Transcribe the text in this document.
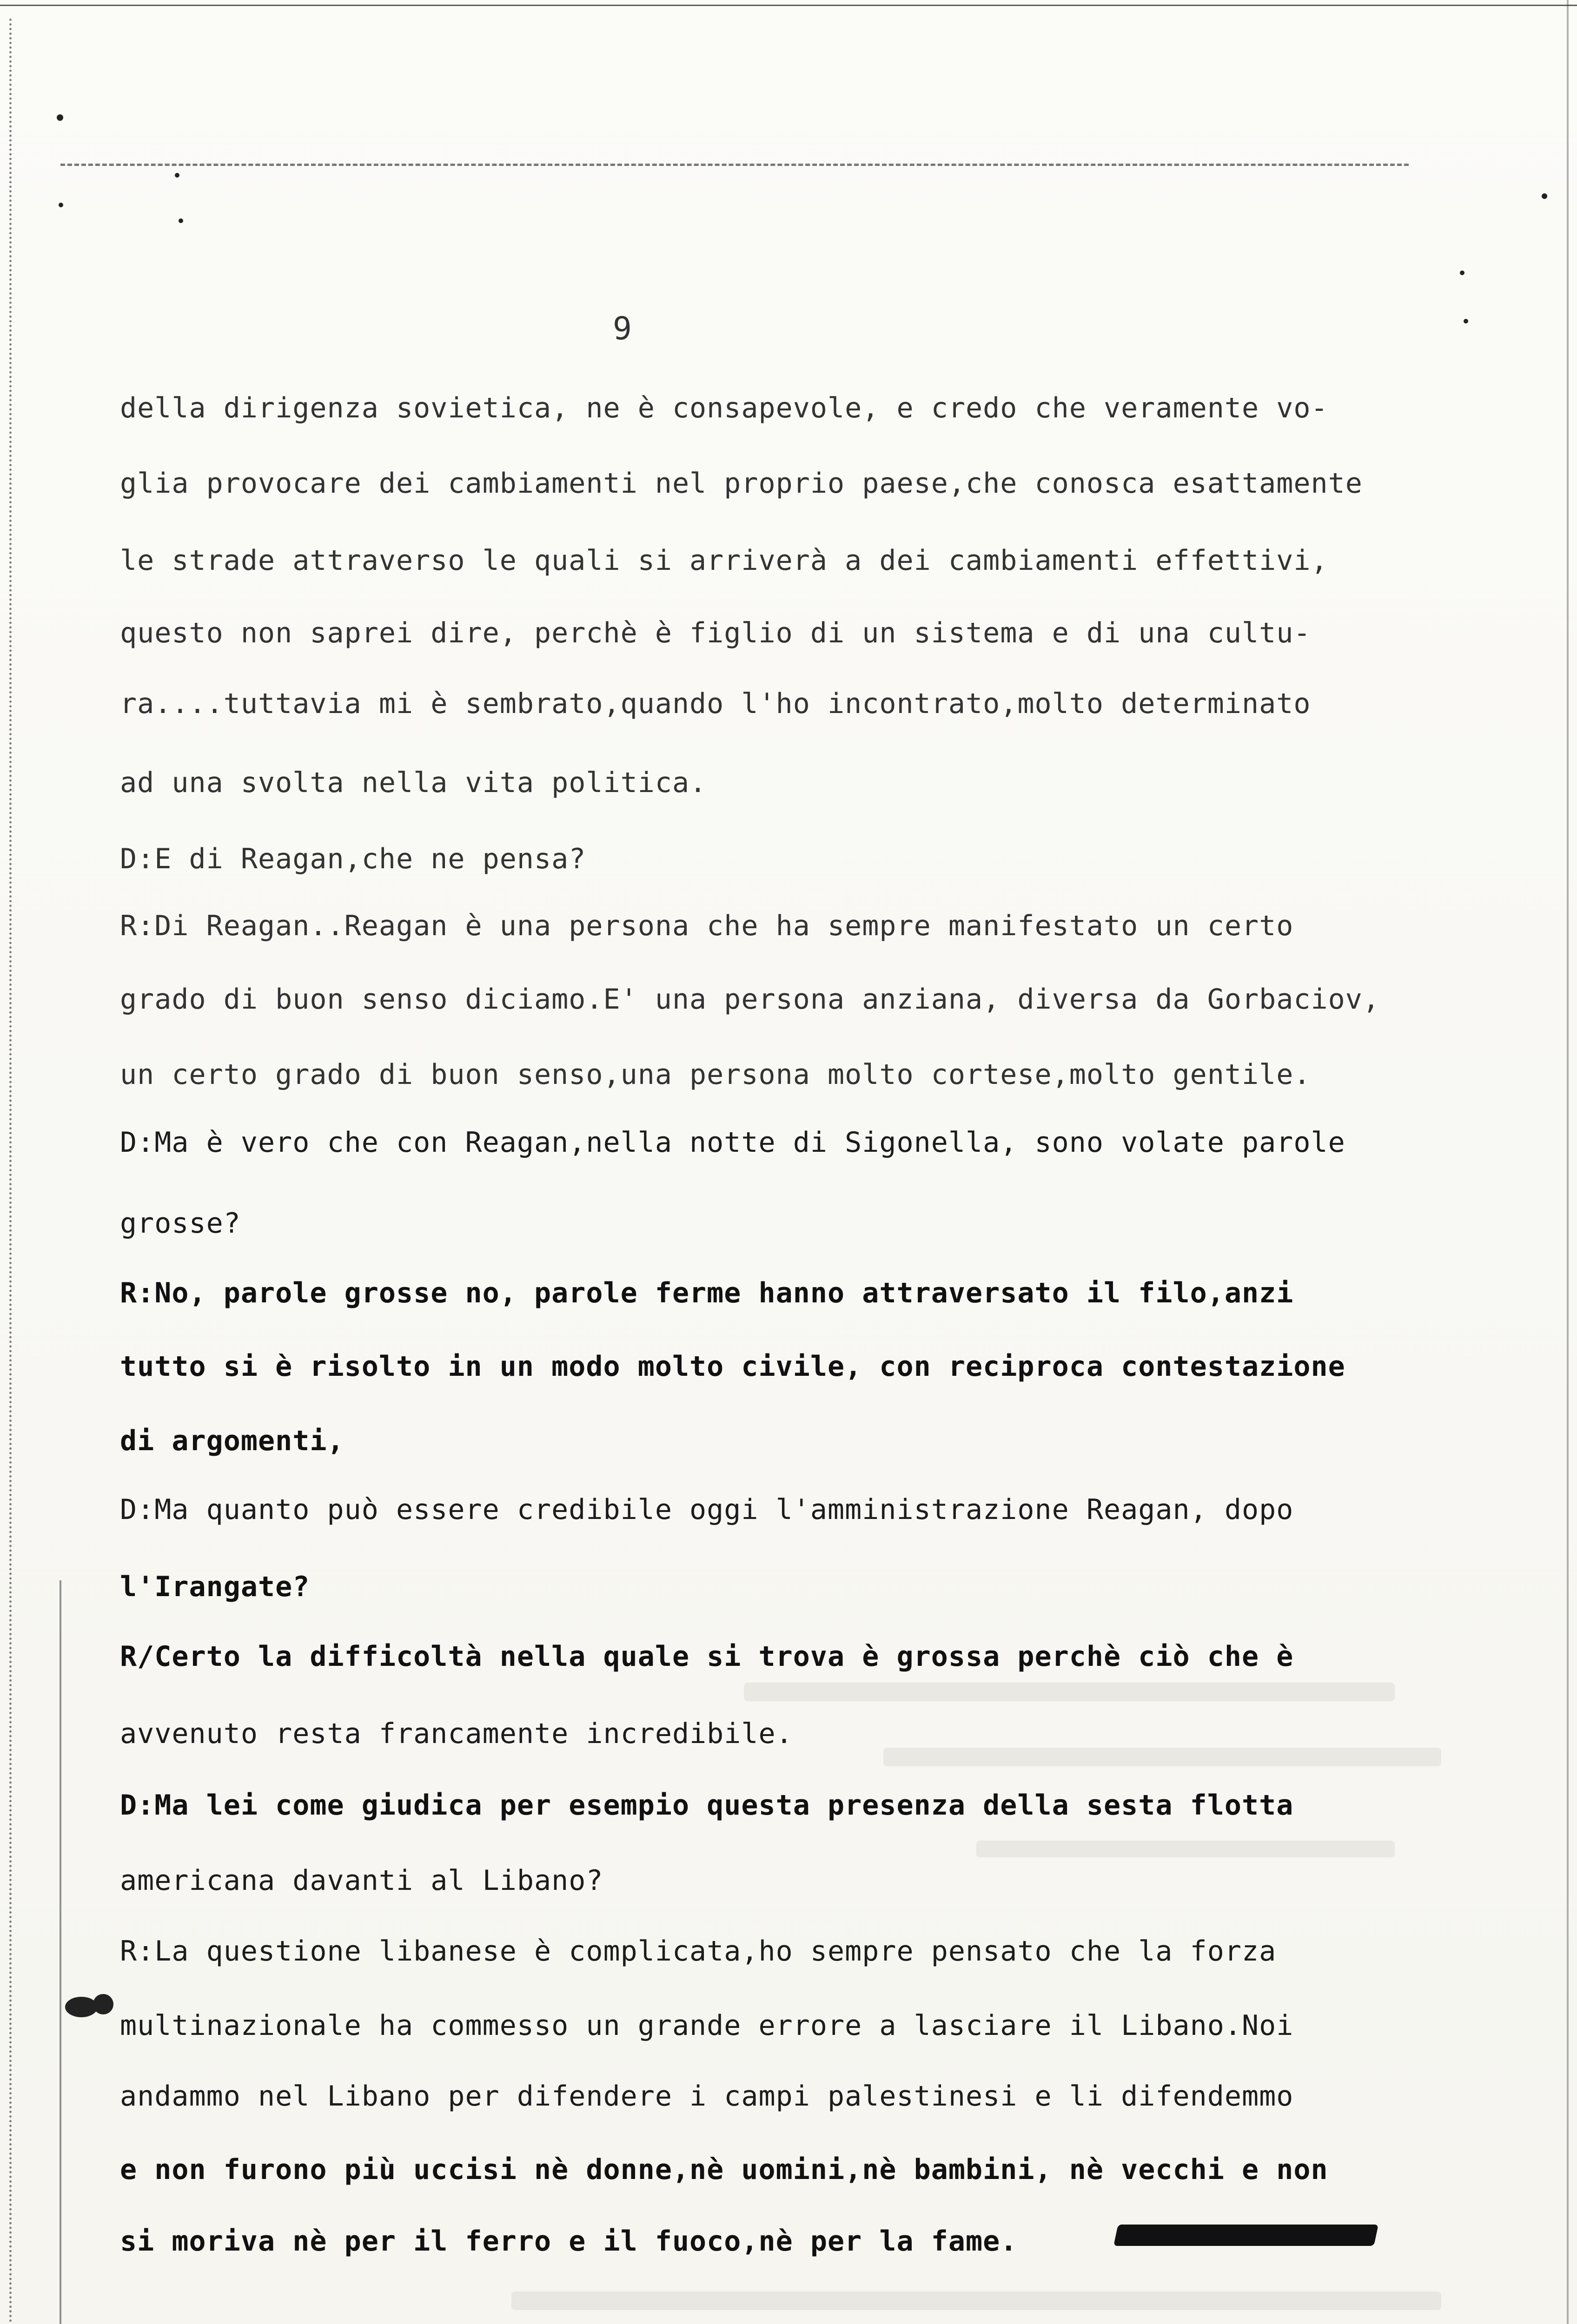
9
della dirigenza sovietica, ne è consapevole, e credo che veramente vo-
glia provocare dei cambiamenti nel proprio paese,che conosca esattamente
le strade attraverso le quali si arriverà a dei cambiamenti effettivi,
questo non saprei dire, perchè è figlio di un sistema e di una cultu-
ra....tuttavia mi è sembrato,quando l'ho incontrato,molto determinato
ad una svolta nella vita politica.
D:E di Reagan,che ne pensa?
R:Di Reagan..Reagan è una persona che ha sempre manifestato un certo
grado di buon senso diciamo.E' una persona anziana, diversa da Gorbaciov,
un certo grado di buon senso,una persona molto cortese,molto gentile.
D:Ma è vero che con Reagan,nella notte di Sigonella, sono volate parole
grosse?
R:No, parole grosse no, parole ferme hanno attraversato il filo,anzi
tutto si è risolto in un modo molto civile, con reciproca contestazione
di argomenti,
D:Ma quanto può essere credibile oggi l'amministrazione Reagan, dopo
l'Irangate?
R/Certo la difficoltà nella quale si trova è grossa perchè ciò che è
avvenuto resta francamente incredibile.
D:Ma lei come giudica per esempio questa presenza della sesta flotta
americana davanti al Libano?
R:La questione libanese è complicata,ho sempre pensato che la forza
multinazionale ha commesso un grande errore a lasciare il Libano.Noi
andammo nel Libano per difendere i campi palestinesi e li difendemmo
e non furono più uccisi nè donne,nè uomini,nè bambini, nè vecchi e non
si moriva nè per il ferro e il fuoco,nè per la fame.
